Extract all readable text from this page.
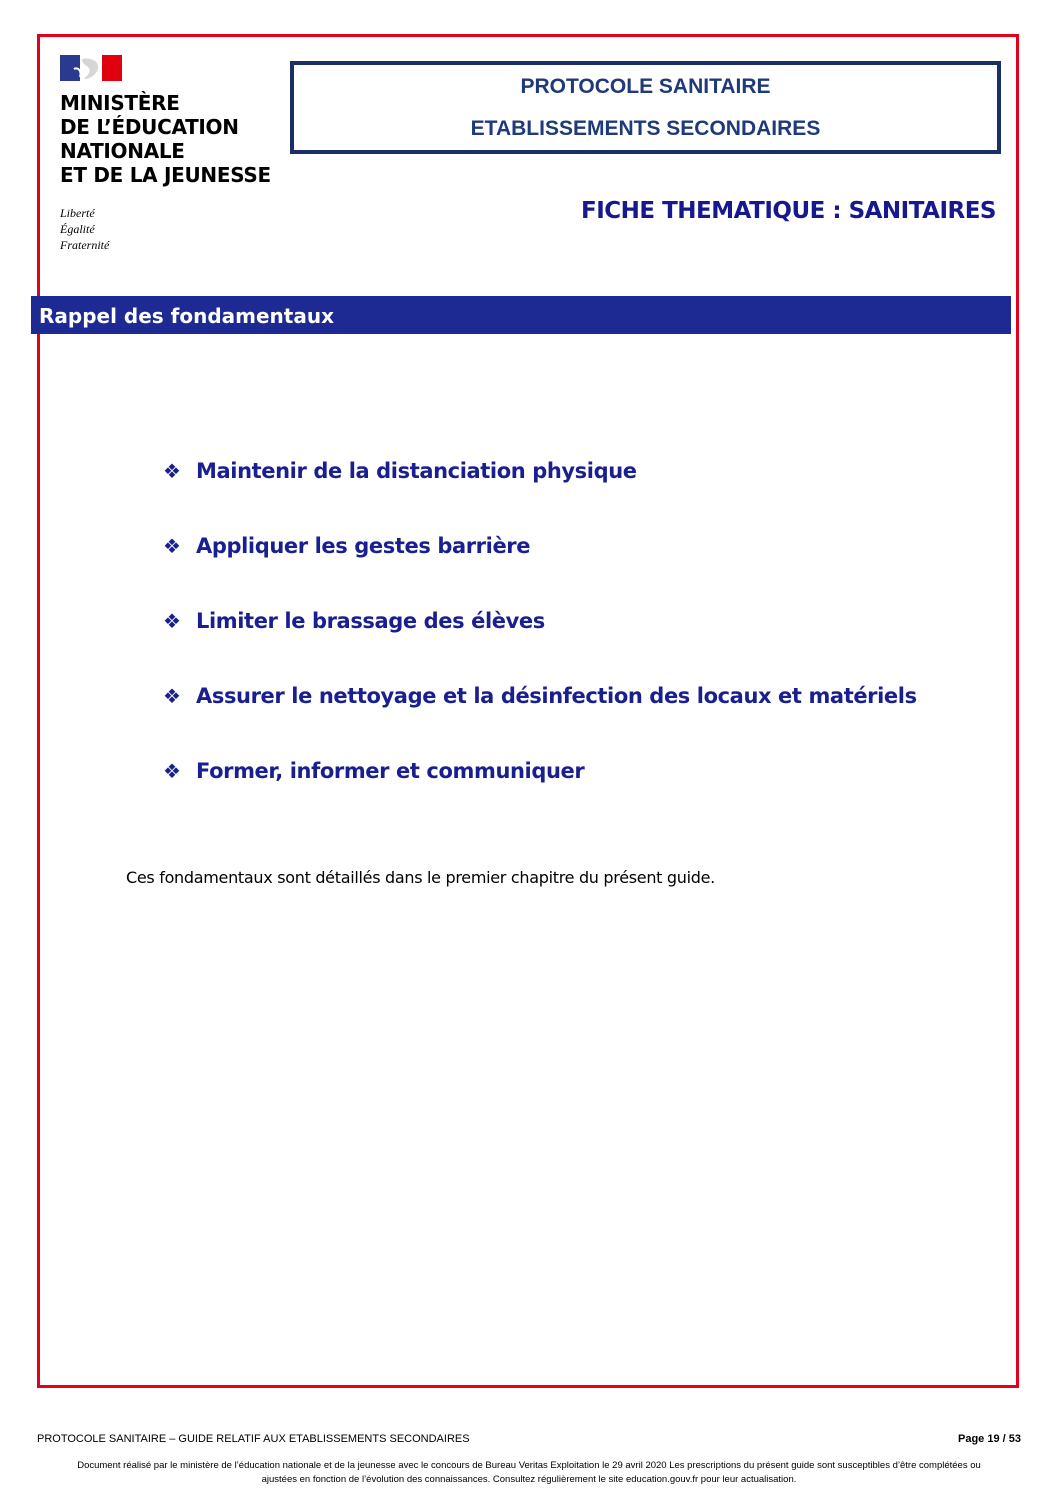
MINISTÈRE
DE L’ÉDUCATION
NATIONALE
ET DE LA JEUNESSE
Liberté
Égalité
Fraternité
PROTOCOLE SANITAIRE
ETABLISSEMENTS SECONDAIRES
FICHE THEMATIQUE : SANITAIRES
Rappel des fondamentaux
❖ Maintenir de la distanciation physique
❖ Appliquer les gestes barrière
❖ Limiter le brassage des élèves
❖ Assurer le nettoyage et la désinfection des locaux et matériels
❖ Former, informer et communiquer
Ces fondamentaux sont détaillés dans le premier chapitre du présent guide.
PROTOCOLE SANITAIRE – GUIDE RELATIF AUX ETABLISSEMENTS SECONDAIRES	Page 19 / 53
Document réalisé par le ministère de l’éducation nationale et de la jeunesse avec le concours de Bureau Veritas Exploitation le 29 avril 2020 Les prescriptions du présent guide sont susceptibles d’être complétées ou
ajustées en fonction de l’évolution des connaissances. Consultez régulièrement le site education.gouv.fr pour leur actualisation.
